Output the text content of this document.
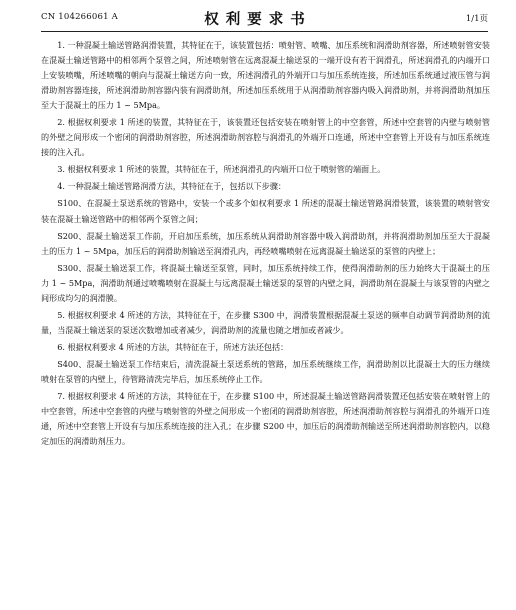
CN 104266061 A	权利要求书	1/1页

1. 一种混凝土输送管路润滑装置，其特征在于，该装置包括：喷射管、喷嘴、加压系统和润滑助剂容器，所述喷射管安装在混凝土输送管路中的相邻两个泵管之间，所述喷射管在远离混凝土输送泵的一端开设有若干润滑孔，所述润滑孔的内端开口上安装喷嘴，所述喷嘴的朝向与混凝土输送方向一致，所述润滑孔的外端开口与加压系统连接，所述加压系统通过液压管与润滑助剂容器连接，所述润滑助剂容器内装有润滑助剂，所述加压系统用于从润滑助剂容器内吸入润滑助剂，并将润滑助剂加压至大于混凝土的压力 1 ~ 5Mpa。

2. 根据权利要求 1 所述的装置，其特征在于，该装置还包括安装在喷射管上的中空套管，所述中空套管的内壁与喷射管的外壁之间形成一个密闭的润滑助剂容腔，所述润滑助剂容腔与润滑孔的外端开口连通，所述中空套管上开设有与加压系统连接的注入孔。

3. 根据权利要求 1 所述的装置，其特征在于，所述润滑孔的内端开口位于喷射管的端面上。

4. 一种混凝土输送管路润滑方法，其特征在于，包括以下步骤：

S100、在混凝土泵送系统的管路中，安装一个或多个如权利要求 1 所述的混凝土输送管路润滑装置，该装置的喷射管安装在混凝土输送管路中的相邻两个泵管之间；

S200、混凝土输送泵工作前，开启加压系统，加压系统从润滑助剂容器中吸入润滑助剂，并将润滑助剂加压至大于混凝土的压力 1 ~ 5Mpa，加压后的润滑助剂输送至润滑孔内，再经喷嘴喷射在远离混凝土输送泵的泵管的内壁上；

S300、混凝土输送泵工作，将混凝土输送至泵管，同时，加压系统持续工作，使得润滑助剂的压力始终大于混凝土的压力 1 ~ 5Mpa，润滑助剂通过喷嘴喷射在混凝土与远离混凝土输送泵的泵管的内壁之间，润滑助剂在混凝土与该泵管的内壁之间形成均匀的润滑膜。

5. 根据权利要求 4 所述的方法，其特征在于，在步骤 S300 中，润滑装置根据混凝土泵送的频率自动调节润滑助剂的流量，当混凝土输送泵的泵送次数增加或者减少，润滑助剂的流量也随之增加或者减少。

6. 根据权利要求 4 所述的方法，其特征在于，所述方法还包括：

S400、混凝土输送泵工作结束后，清洗混凝土泵送系统的管路，加压系统继续工作，润滑助剂以比混凝土大的压力继续喷射在泵管的内壁上，待管路清洗完毕后，加压系统停止工作。

7. 根据权利要求 4 所述的方法，其特征在于，在步骤 S100 中，所述混凝土输送管路润滑装置还包括安装在喷射管上的中空套管，所述中空套管的内壁与喷射管的外壁之间形成一个密闭的润滑助剂容腔，所述润滑助剂容腔与润滑孔的外端开口连通，所述中空套管上开设有与加压系统连接的注入孔；在步骤 S200 中，加压后的润滑助剂输送至所述润滑助剂容腔内，以稳定加压的润滑助剂压力。
